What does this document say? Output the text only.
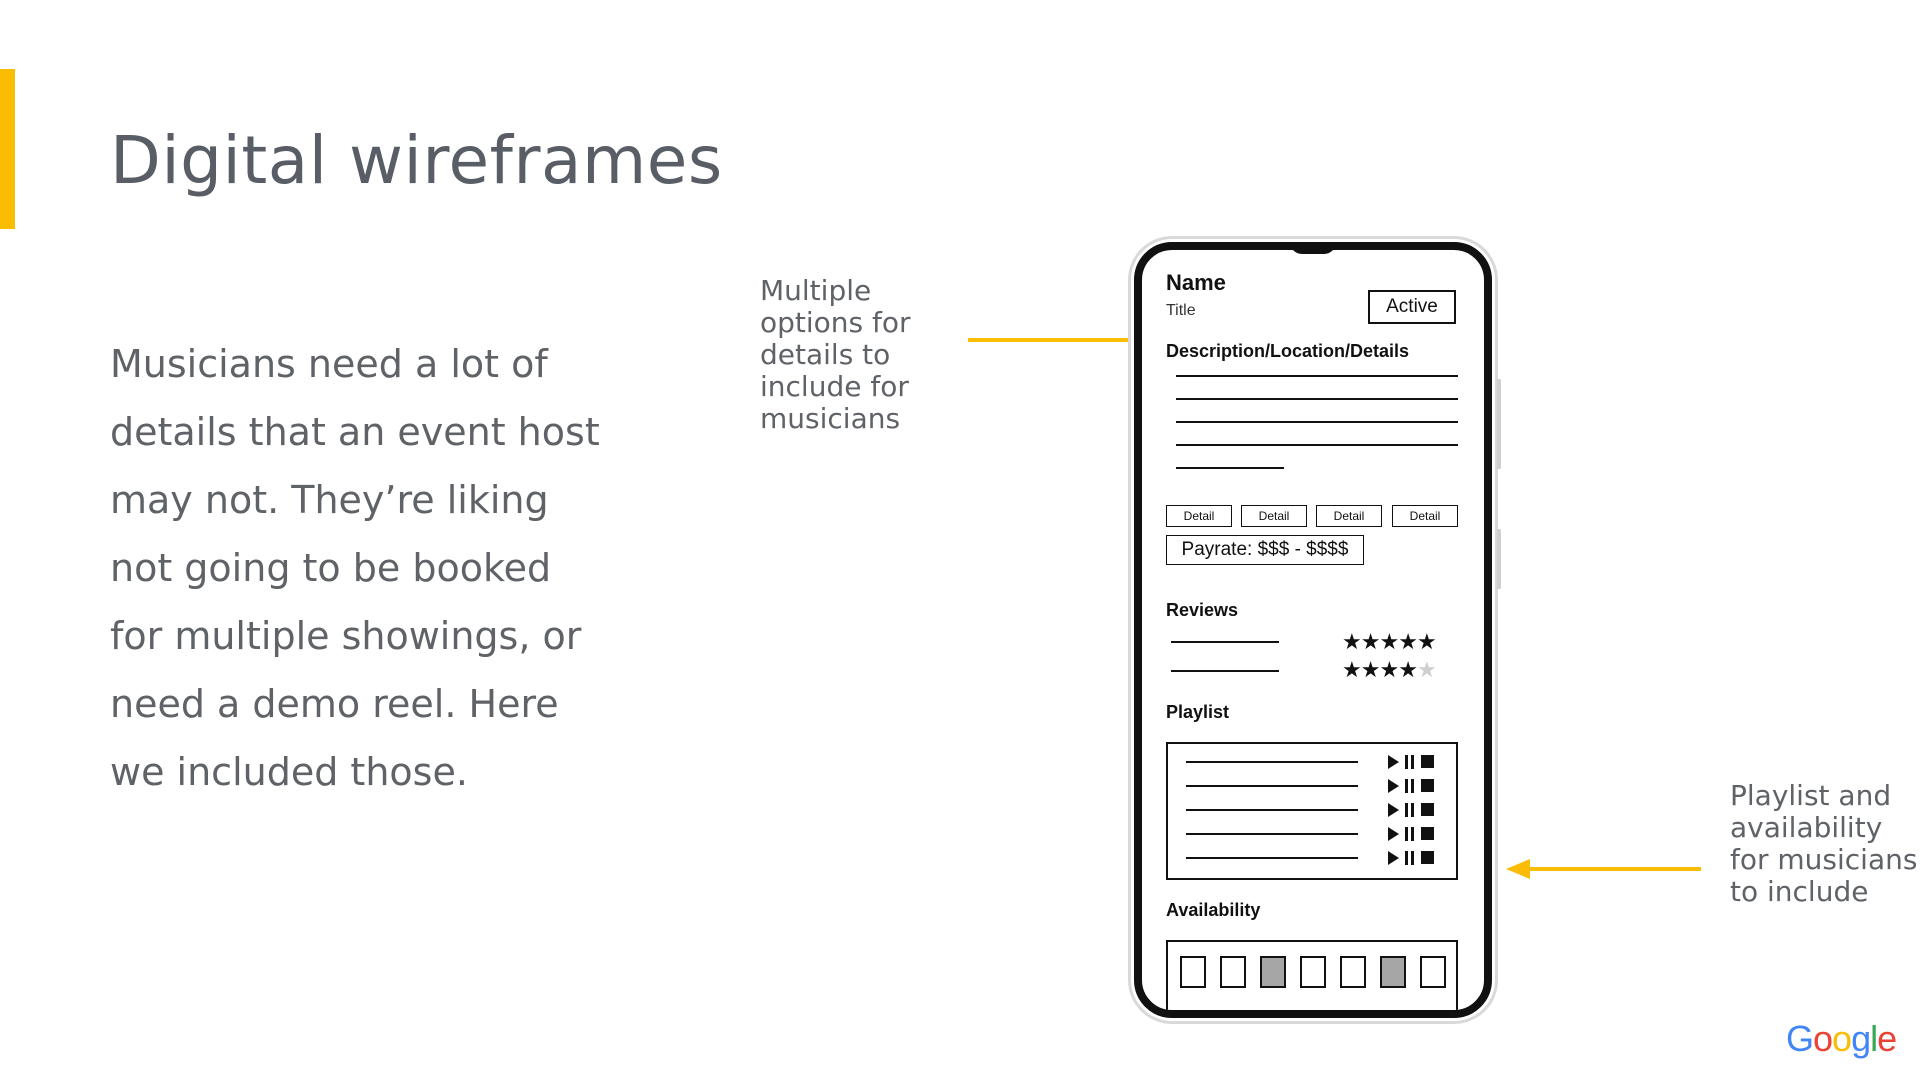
Digital wireframes

Musicians need a lot of details that an event host may not. They’re liking not going to be booked for multiple showings, or need a demo reel. Here we included those.

Multiple options for details to include for musicians

Playlist and availability for musicians to include

Name
Title	Active
Description/Location/Details
Detail	Detail	Detail	Detail
Payrate: $$$ - $$$$
Reviews
★★★★★
★★★★★
Playlist
Availability

Google
